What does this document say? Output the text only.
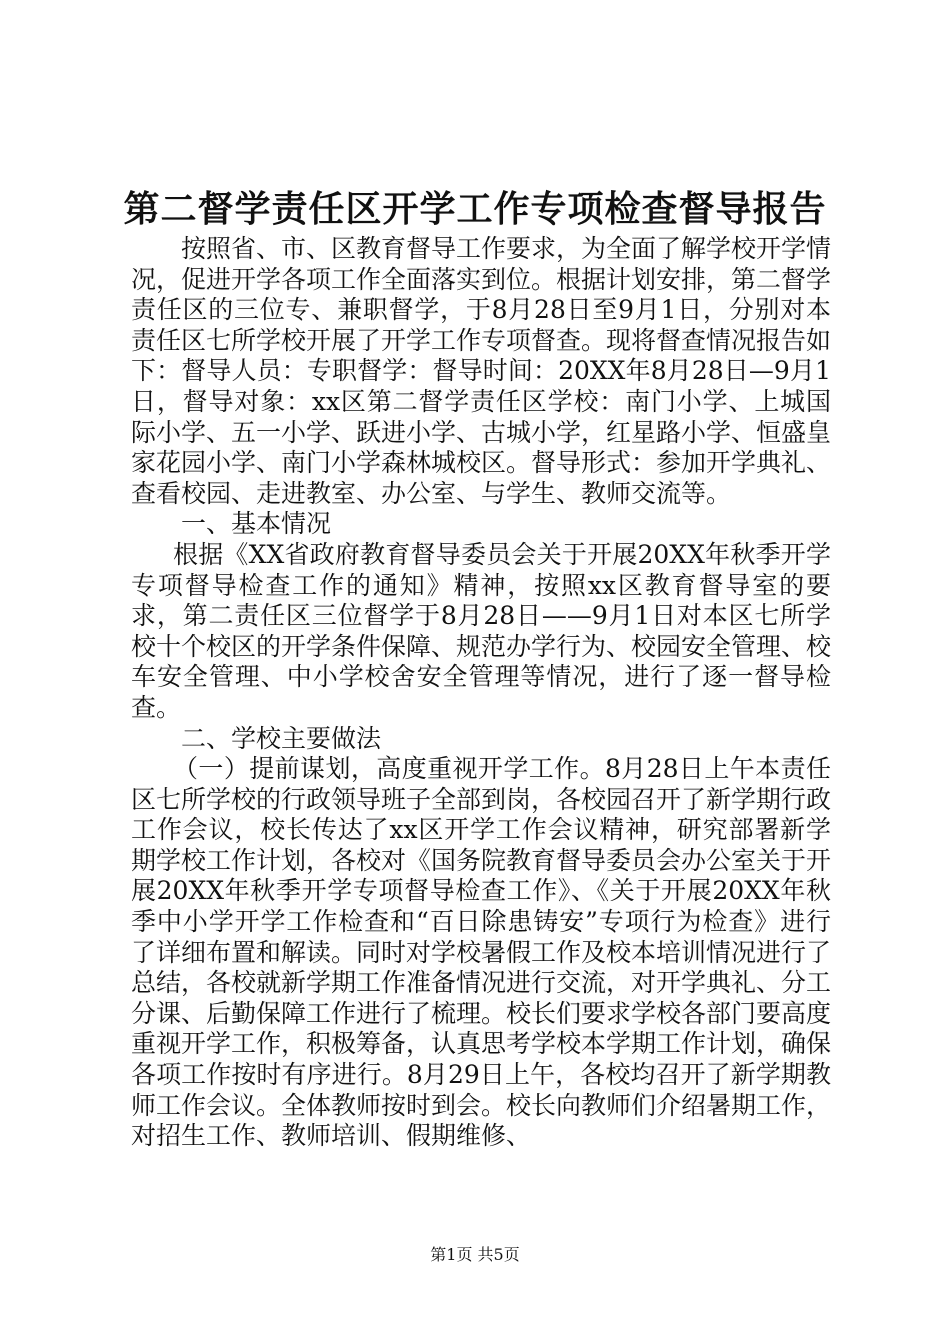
第二督学责任区开学工作专项检查督导报告

按照省、市、区教育督导工作要求，为全面了解学校开学情况，促进开学各项工作全面落实到位。根据计划安排，第二督学责任区的三位专、兼职督学，于8月28日至9月1日，分别对本责任区七所学校开展了开学工作专项督查。现将督查情况报告如下：督导人员：专职督学：督导时间：20XX年8月28日—9月1日，督导对象：xx区第二督学责任区学校：南门小学、上城国际小学、五一小学、跃进小学、古城小学，红星路小学、恒盛皇家花园小学、南门小学森林城校区。督导形式：参加开学典礼、查看校园、走进教室、办公室、与学生、教师交流等。

一、基本情况

根据《XX省政府教育督导委员会关于开展20XX年秋季开学专项督导检查工作的通知》精神，按照xx区教育督导室的要求，第二责任区三位督学于8月28日——9月1日对本区七所学校十个校区的开学条件保障、规范办学行为、校园安全管理、校车安全管理、中小学校舍安全管理等情况，进行了逐一督导检查。

二、学校主要做法

（一）提前谋划，高度重视开学工作。8月28日上午本责任区七所学校的行政领导班子全部到岗，各校园召开了新学期行政工作会议，校长传达了xx区开学工作会议精神，研究部署新学期学校工作计划，各校对《国务院教育督导委员会办公室关于开展20XX年秋季开学专项督导检查工作》、《关于开展20XX年秋季中小学开学工作检查和“百日除患铸安”专项行为检查》进行了详细布置和解读。同时对学校暑假工作及校本培训情况进行了总结，各校就新学期工作准备情况进行交流，对开学典礼、分工分课、后勤保障工作进行了梳理。校长们要求学校各部门要高度重视开学工作，积极筹备，认真思考学校本学期工作计划，确保各项工作按时有序进行。8月29日上午，各校均召开了新学期教师工作会议。全体教师按时到会。校长向教师们介绍暑期工作，对招生工作、教师培训、假期维修、

第1页 共5页
